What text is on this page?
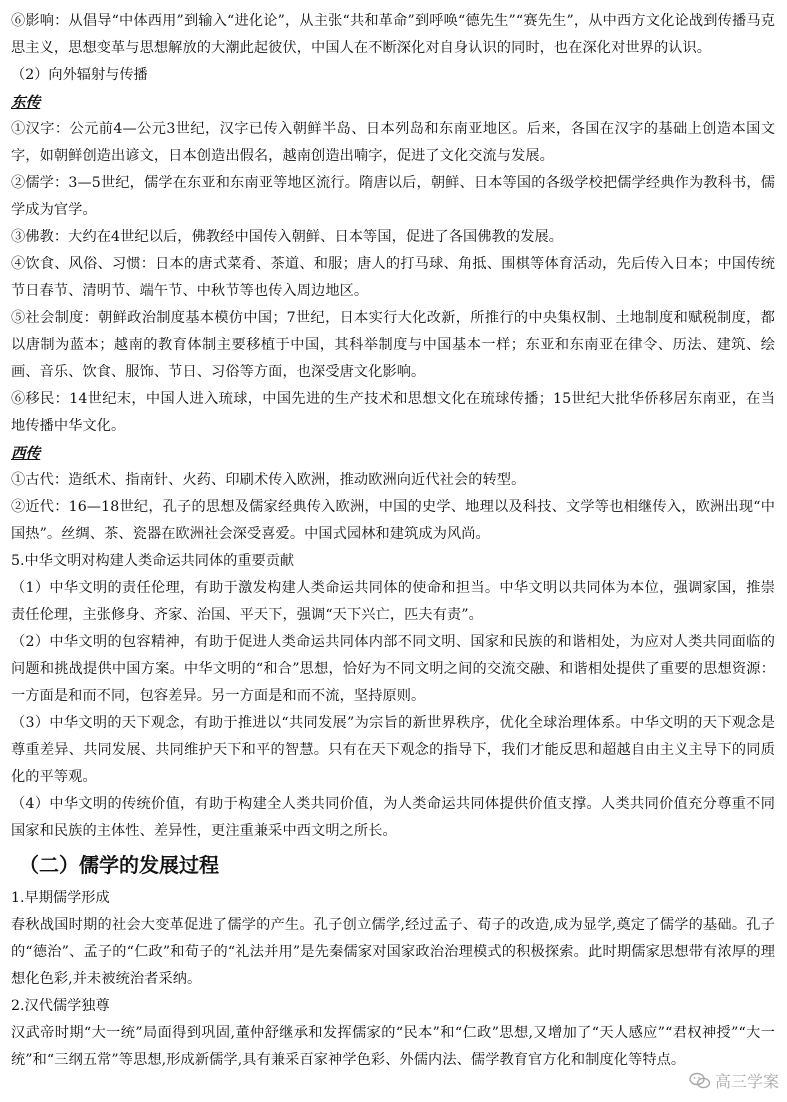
⑥影响：从倡导“中体西用”到输入“进化论”，从主张“共和革命”到呼唤“德先生”“赛先生”，从中西方文化论战到传播马克思主义，思想变革与思想解放的大潮此起彼伏，中国人在不断深化对自身认识的同时，也在深化对世界的认识。

（2）向外辐射与传播

东传

①汉字：公元前4—公元3世纪，汉字已传入朝鲜半岛、日本列岛和东南亚地区。后来，各国在汉字的基础上创造本国文字，如朝鲜创造出谚文，日本创造出假名，越南创造出喃字，促进了文化交流与发展。

②儒学：3—5世纪，儒学在东亚和东南亚等地区流行。隋唐以后，朝鲜、日本等国的各级学校把儒学经典作为教科书，儒学成为官学。

③佛教：大约在4世纪以后，佛教经中国传入朝鲜、日本等国，促进了各国佛教的发展。

④饮食、风俗、习惯：日本的唐式菜肴、茶道、和服；唐人的打马球、角抵、围棋等体育活动，先后传入日本；中国传统节日春节、清明节、端午节、中秋节等也传入周边地区。

⑤社会制度：朝鲜政治制度基本模仿中国；7世纪，日本实行大化改新，所推行的中央集权制、土地制度和赋税制度，都以唐制为蓝本；越南的教育体制主要移植于中国，其科举制度与中国基本一样；东亚和东南亚在律令、历法、建筑、绘画、音乐、饮食、服饰、节日、习俗等方面，也深受唐文化影响。

⑥移民：14世纪末，中国人进入琉球，中国先进的生产技术和思想文化在琉球传播；15世纪大批华侨移居东南亚，在当地传播中华文化。

西传

①古代：造纸术、指南针、火药、印刷术传入欧洲，推动欧洲向近代社会的转型。

②近代：16—18世纪，孔子的思想及儒家经典传入欧洲，中国的史学、地理以及科技、文学等也相继传入，欧洲出现“中国热”。丝绸、茶、瓷器在欧洲社会深受喜爱。中国式园林和建筑成为风尚。

5.中华文明对构建人类命运共同体的重要贡献

（1）中华文明的责任伦理，有助于激发构建人类命运共同体的使命和担当。中华文明以共同体为本位，强调家国，推崇责任伦理，主张修身、齐家、治国、平天下，强调“天下兴亡，匹夫有责”。

（2）中华文明的包容精神，有助于促进人类命运共同体内部不同文明、国家和民族的和谐相处，为应对人类共同面临的问题和挑战提供中国方案。中华文明的“和合”思想，恰好为不同文明之间的交流交融、和谐相处提供了重要的思想资源：一方面是和而不同，包容差异。另一方面是和而不流，坚持原则。

（3）中华文明的天下观念，有助于推进以“共同发展”为宗旨的新世界秩序，优化全球治理体系。中华文明的天下观念是尊重差异、共同发展、共同维护天下和平的智慧。只有在天下观念的指导下，我们才能反思和超越自由主义主导下的同质化的平等观。

（4）中华文明的传统价值，有助于构建全人类共同价值，为人类命运共同体提供价值支撑。人类共同价值充分尊重不同国家和民族的主体性、差异性，更注重兼采中西文明之所长。

（二）儒学的发展过程

1.早期儒学形成

春秋战国时期的社会大变革促进了儒学的产生。孔子创立儒学,经过孟子、荀子的改造,成为显学,奠定了儒学的基础。孔子的“德治”、孟子的“仁政”和荀子的“礼法并用”是先秦儒家对国家政治治理模式的积极探索。此时期儒家思想带有浓厚的理想化色彩,并未被统治者采纳。

2.汉代儒学独尊

汉武帝时期“大一统”局面得到巩固,董仲舒继承和发挥儒家的“民本”和“仁政”思想,又增加了“天人感应”“君权神授”“大一统”和“三纲五常”等思想,形成新儒学,具有兼采百家神学色彩、外儒内法、儒学教育官方化和制度化等特点。

高三学案
